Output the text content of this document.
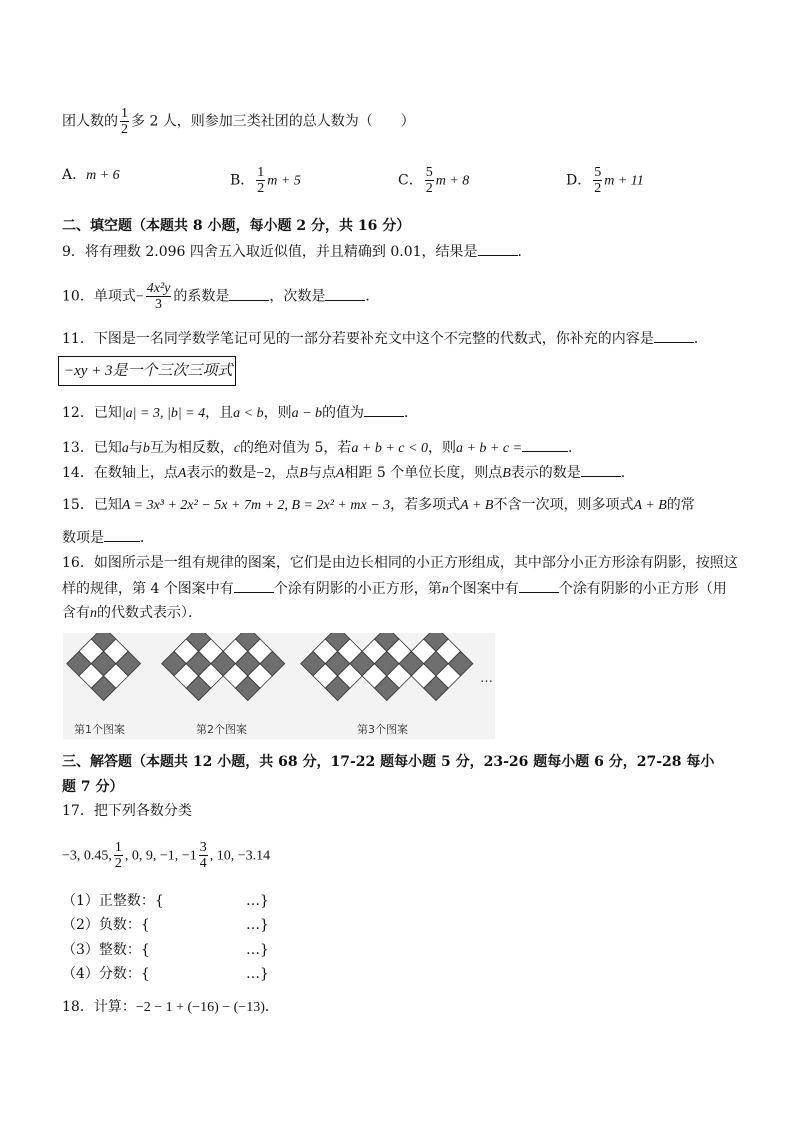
团人数的 $\frac{1}{2}$ 多 2 人，则参加三类社团的总人数为（　　）
A．m + 6	B． $\frac{1}{2}$ m + 5	C． $\frac{5}{2}$ m + 8	D． $\frac{5}{2}$ m + 11
二、填空题（本题共 8 小题，每小题 2 分，共 16 分）
9．将有理数 2.096 四舍五入取近似值，并且精确到 0.01，结果是	．
10．单项式− $\frac{\text{4x²y}}{3}$ 的系数是	，次数是	．
11．下图是一名同学数学笔记可见的一部分若要补充文中这个不完整的代数式，你补充的内容是	．
−xy + 3是一个三次三项式
12．已知|a| = 3, |b| = 4，且a < b，则a − b的值为	．
13．已知a与b互为相反数，c的绝对值为 5，若a + b + c < 0，则a + b + c =	．
14．在数轴上，点A表示的数是−2，点B与点A相距 5 个单位长度，则点B表示的数是	．
15．已知A = 3x³ + 2x² − 5x + 7m + 2, B = 2x² + mx − 3，若多项式A + B不含一次项，则多项式A + B的常
数项是	．
16．如图所示是一组有规律的图案，它们是由边长相同的小正方形组成，其中部分小正方形涂有阴影，按照这
样的规律，第 4 个图案中有	个涂有阴影的小正方形，第n个图案中有	个涂有阴影的小正方形（用
含有n的代数式表示）．
第1个图案	第2个图案	第3个图案
…
三、解答题（本题共 12 小题，共 68 分，17-22 题每小题 5 分，23-26 题每小题 6 分，27-28 每小
题 7 分）
17．把下列各数分类
−3, 0.45, $\frac{1}{2}$ , 0, 9, −1, $-1 \frac{3}{4}$ , 10, −3.14
（1）正整数：{	…}
（2）负数：{	…}
（3）整数：{	…}
（4）分数：{	…}
18．计算：−2 − 1 + (−16) − (−13)．
